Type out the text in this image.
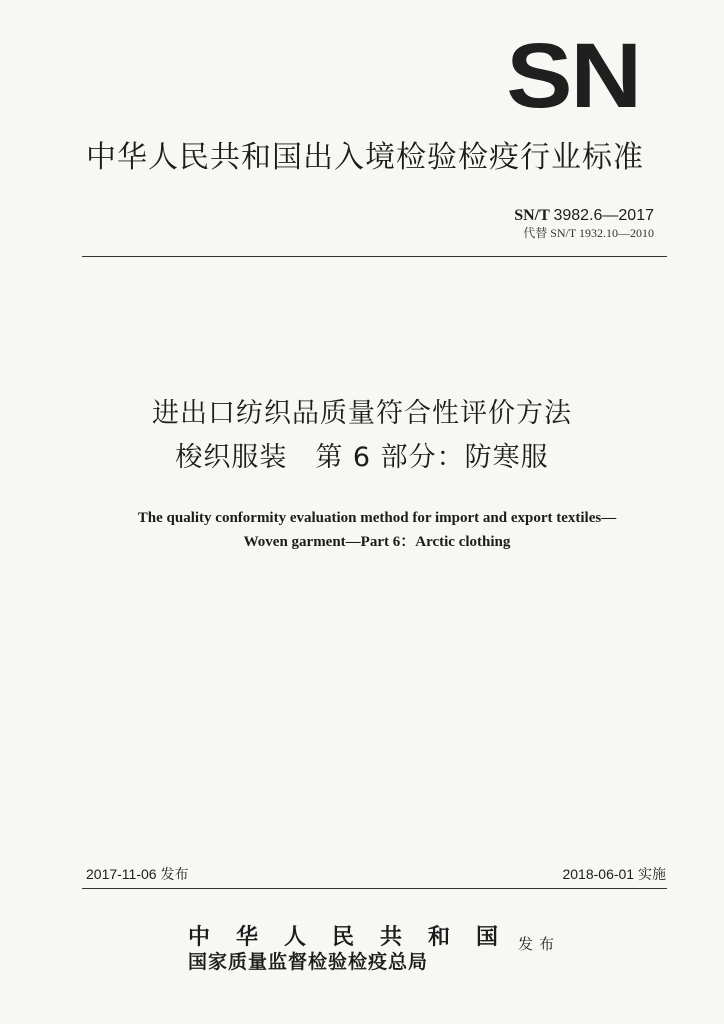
SN
中华人民共和国出入境检验检疫行业标准
SN/T 3982.6—2017
代替 SN/T 1932.10—2010
进出口纺织品质量符合性评价方法
梭织服装　第 6 部分：防寒服
The quality conformity evaluation method for import and export textiles—
Woven garment—Part 6：Arctic clothing
2017-11-06 发布	2018-06-01 实施
中华人民共和国
国家质量监督检验检疫总局
发布
